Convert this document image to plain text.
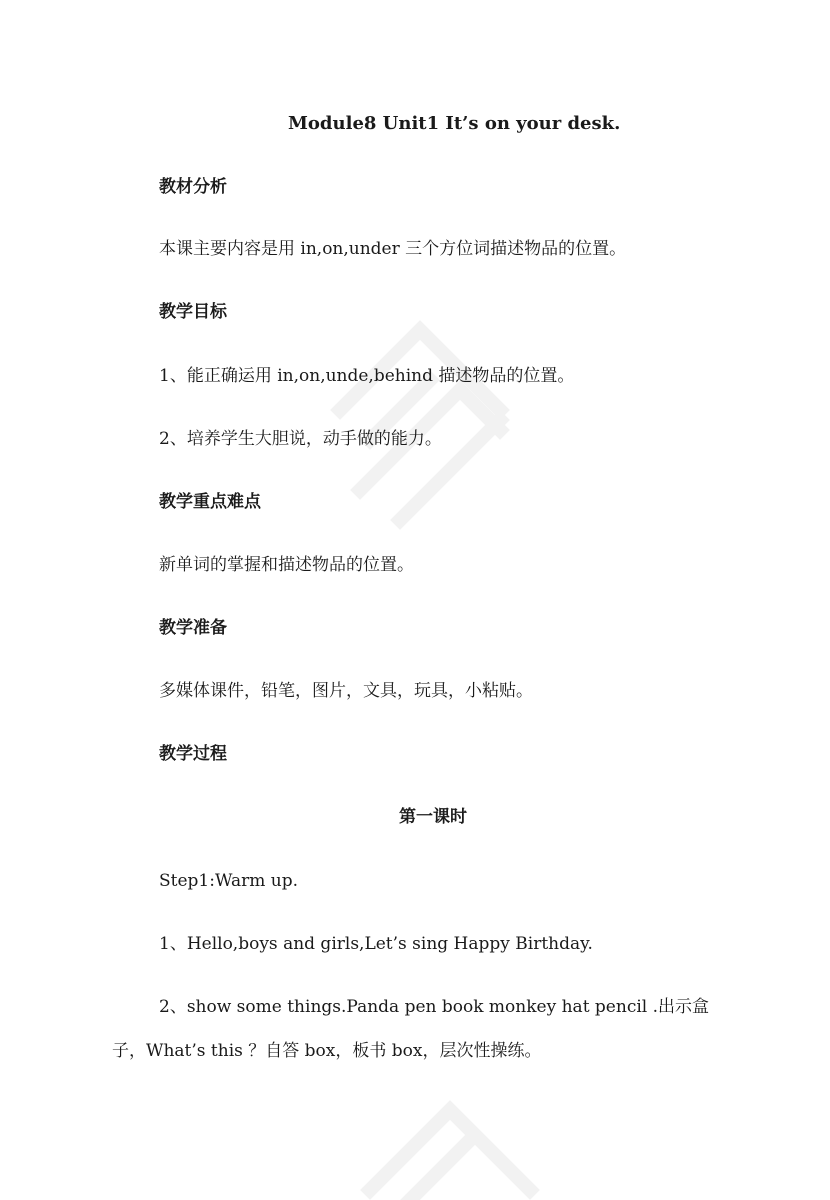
Module8 Unit1 It’s on your desk.
教材分析
本课主要内容是用 in,on,under 三个方位词描述物品的位置。
教学目标
1、能正确运用 in,on,unde,behind 描述物品的位置。
2、培养学生大胆说，动手做的能力。
教学重点难点
新单词的掌握和描述物品的位置。
教学准备
多媒体课件，铅笔，图片，文具，玩具，小粘贴。
教学过程
第一课时
Step1:Warm up.
1、Hello,boys and girls,Let’s sing Happy Birthday.
2、show some things.Panda pen book monkey hat pencil .出示盒
子，What’s this ？自答 box，板书 box，层次性操练。
